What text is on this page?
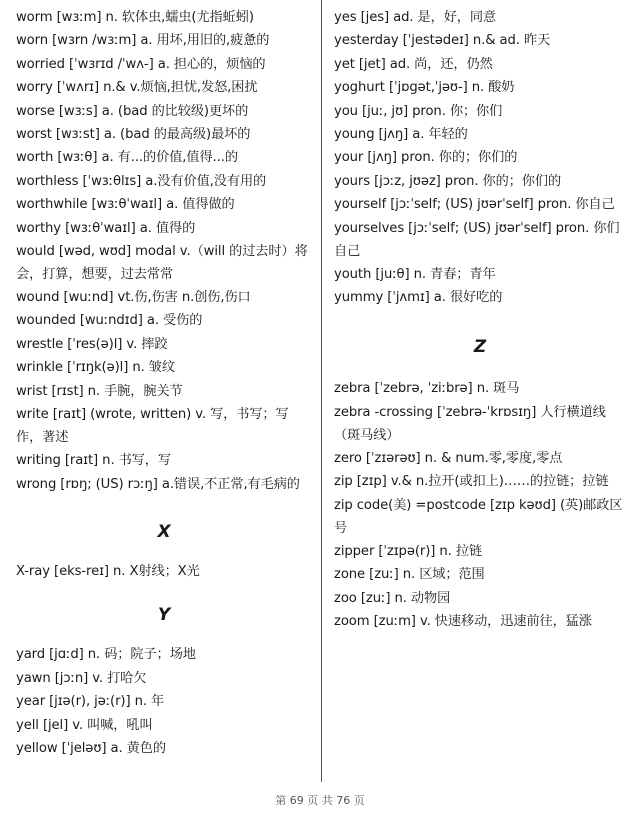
worm [wɜːm] n. 软体虫,蠕虫(尤指蚯蚓)
worn [wɜrn /wɜːm] a. 用坏,用旧的,疲惫的
worried [ˈwɜrɪd /ˈwʌ-] a. 担心的，烦恼的
worry [ˈwʌrɪ] n.& v.烦恼,担忧,发怒,困扰
worse [wɜːs] a. (bad 的比较级)更坏的
worst [wɜːst] a. (bad 的最高级)最坏的
worth [wɜːθ] a. 有...的价值,值得...的
worthless [ˈwɜːθlɪs] a.没有价值,没有用的
worthwhile [wɜːθˈwaɪl] a. 值得做的
worthy [wɜːθˈwaɪl] a. 值得的
would [wəd, wʊd] modal v.（will 的过去时）将会，打算，想要，过去常常
wound [wuːnd] vt.伤,伤害 n.创伤,伤口
wounded [wuːndɪd] a. 受伤的
wrestle [ˈres(ə)l] v. 摔跤
wrinkle [ˈrɪŋk(ə)l] n. 皱纹
wrist [rɪst] n. 手腕，腕关节
write [raɪt] (wrote, written) v. 写，书写；写作，著述
writing [raɪt] n. 书写，写
wrong [rɒŋ; (US) rɔːŋ] a.错误,不正常,有毛病的
X
X-ray [eks-reɪ] n. X射线；X光
Y
yard [jɑːd] n. 码；院子；场地
yawn [jɔːn] v. 打哈欠
year [jɪə(r), jəː(r)] n. 年
yell [jel] v. 叫喊，吼叫
yellow [ˈjeləʊ] a. 黄色的
yes [jes] ad. 是，好，同意
yesterday [ˈjestədeɪ] n.& ad. 昨天
yet [jet] ad. 尚，还，仍然
yoghurt [ˈjɒgət,ˈjəʊ-] n. 酸奶
you [juː, jʊ] pron. 你；你们
young [jʌŋ] a. 年轻的
your [jʌŋ] pron. 你的；你们的
yours [jɔːz, jʊəz] pron. 你的；你们的
yourself [jɔːˈself; (US) jʊərˈself] pron. 你自己
yourselves [jɔːˈself; (US) jʊərˈself] pron. 你们自己
youth [juːθ] n. 青春；青年
yummy [ˈjʌmɪ] a. 很好吃的
Z
zebra [ˈzebrə, ˈziːbrə] n. 斑马
zebra -crossing [ˈzebrə-ˈkrɒsɪŋ] 人行横道线（斑马线）
zero [ˈzɪərəʊ] n. & num.零,零度,零点
zip [zɪp] v.& n.拉开(或扣上)……的拉链；拉链
zip code(美) =postcode [zɪp kəʊd] (英)邮政区号
zipper [ˈzɪpə(r)] n. 拉链
zone [zuː] n. 区域；范围
zoo [zuː] n. 动物园
zoom [zuːm] v. 快速移动，迅速前往，猛涨
第 69 页 共 76 页
